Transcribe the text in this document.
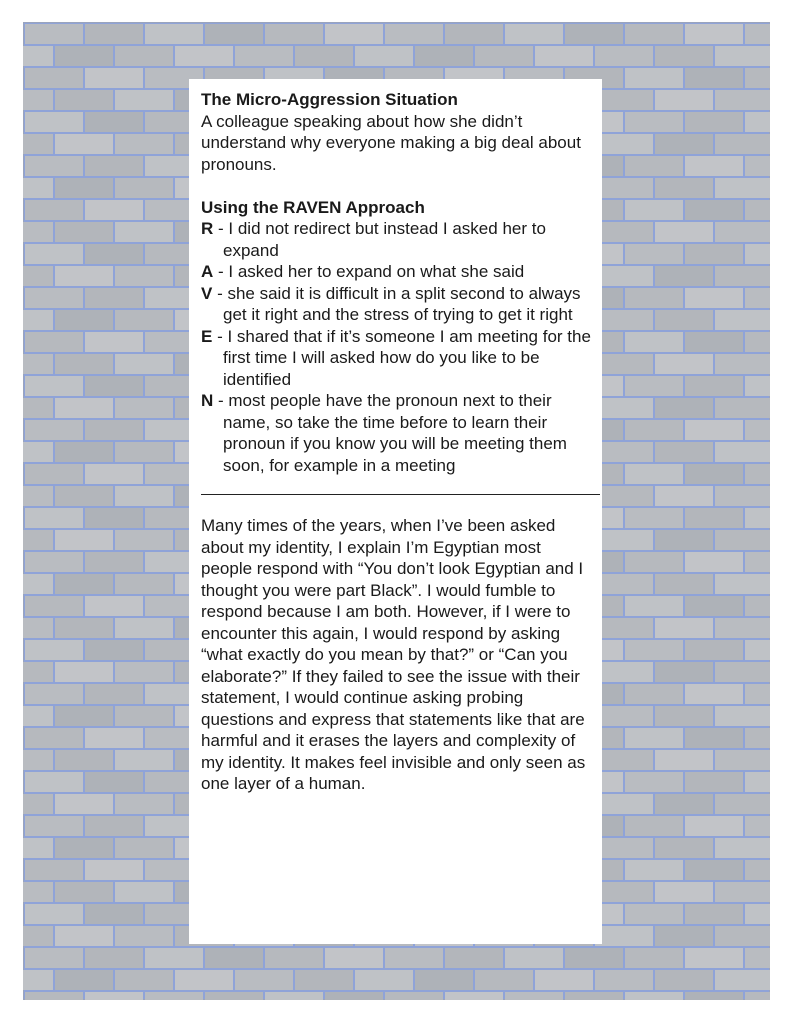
The Micro-Aggression Situation

A colleague speaking about how she didn’t understand why everyone making a big deal about pronouns.

Using the RAVEN Approach

R - I did not redirect but instead I asked her to expand

A - I asked her to expand on what she said

V - she said it is difficult in a split second to always get it right and the stress of trying to get it right

E - I shared that if it’s someone I am meeting for the first time I will asked how do you like to be identified

N - most people have the pronoun next to their name, so take the time before to learn their pronoun if you know you will be meeting them soon, for example in a meeting

Many times of the years, when I’ve been asked about my identity, I explain I’m Egyptian most people respond with “You don’t look Egyptian and I thought you were part Black”. I would fumble to respond because I am both. However, if I were to encounter this again, I would respond by asking “what exactly do you mean by that?” or “Can you elaborate?” If they failed to see the issue with their statement, I would continue asking probing questions and express that statements like that are harmful and it erases the layers and complexity of my identity. It makes feel invisible and only seen as one layer of a human.
